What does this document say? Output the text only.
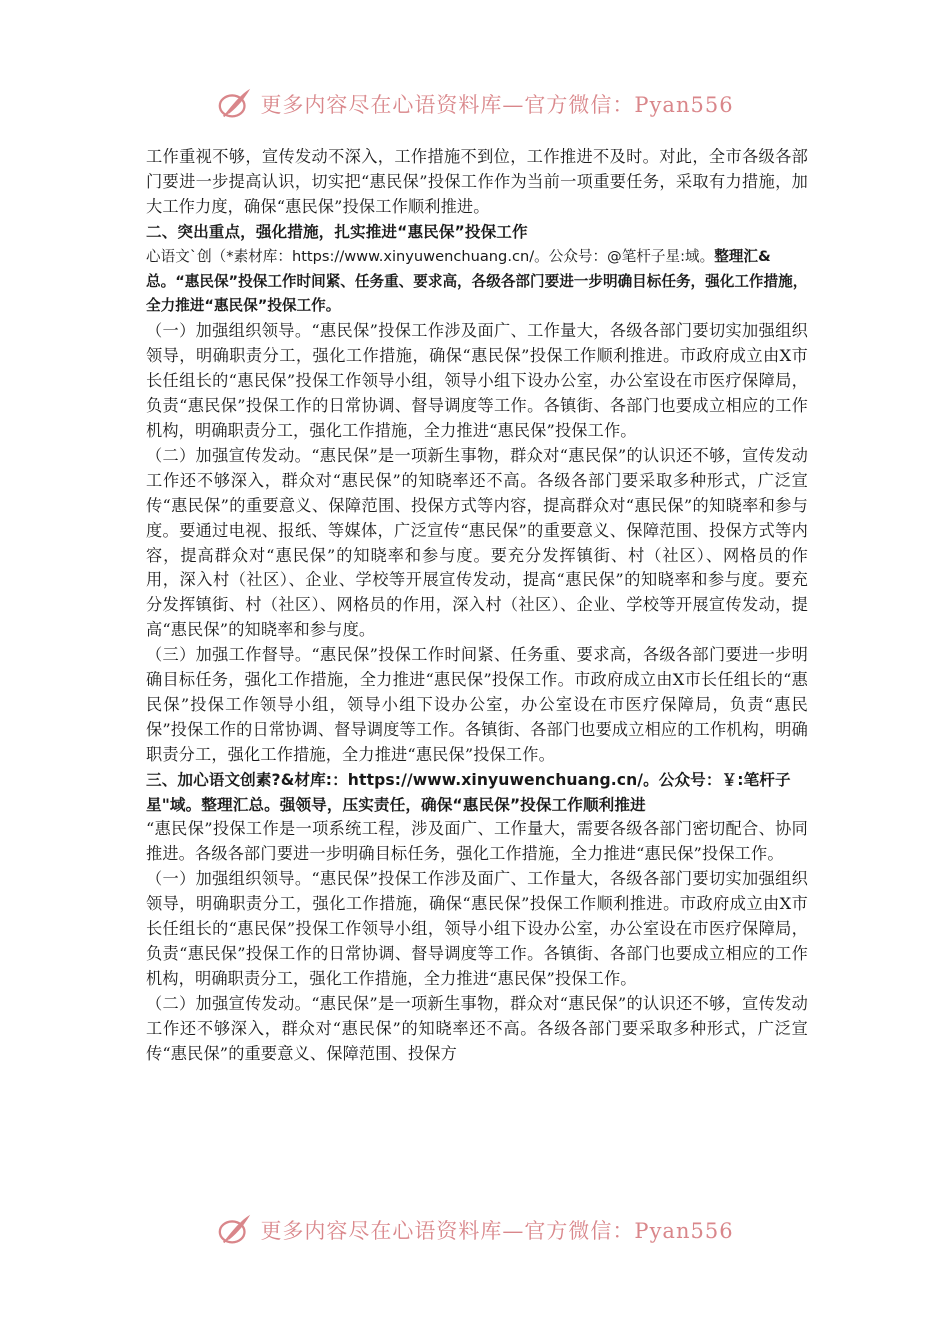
更多内容尽在心语资料库—官方微信：Pyan556

工作重视不够，宣传发动不深入，工作措施不到位，工作推进不及时。对此，全市各级各部门要进一步提高认识，切实把“惠民保”投保工作作为当前一项重要任务，采取有力措施，加大工作力度，确保“惠民保”投保工作顺利推进。

二、突出重点，强化措施，扎实推进“惠民保”投保工作

心语文`创（*素材库：https://www.xinyuwenchuang.cn/。公众号：@笔杆子星:域。整理汇&总。“惠民保”投保工作时间紧、任务重、要求高，各级各部门要进一步明确目标任务，强化工作措施，全力推进“惠民保”投保工作。

（一）加强组织领导。“惠民保”投保工作涉及面广、工作量大，各级各部门要切实加强组织领导，明确职责分工，强化工作措施，确保“惠民保”投保工作顺利推进。市政府成立由X市长任组长的“惠民保”投保工作领导小组，领导小组下设办公室，办公室设在市医疗保障局，负责“惠民保”投保工作的日常协调、督导调度等工作。各镇街、各部门也要成立相应的工作机构，明确职责分工，强化工作措施，全力推进“惠民保”投保工作。

（二）加强宣传发动。“惠民保”是一项新生事物，群众对“惠民保”的认识还不够，宣传发动工作还不够深入，群众对“惠民保”的知晓率还不高。各级各部门要采取多种形式，广泛宣传“惠民保”的重要意义、保障范围、投保方式等内容，提高群众对“惠民保”的知晓率和参与度。要通过电视、报纸、等媒体，广泛宣传“惠民保”的重要意义、保障范围、投保方式等内容，提高群众对“惠民保”的知晓率和参与度。要充分发挥镇街、村（社区）、网格员的作用，深入村（社区）、企业、学校等开展宣传发动，提高“惠民保”的知晓率和参与度。要充分发挥镇街、村（社区）、网格员的作用，深入村（社区）、企业、学校等开展宣传发动，提高“惠民保”的知晓率和参与度。

（三）加强工作督导。“惠民保”投保工作时间紧、任务重、要求高，各级各部门要进一步明确目标任务，强化工作措施，全力推进“惠民保”投保工作。市政府成立由X市长任组长的“惠民保”投保工作领导小组，领导小组下设办公室，办公室设在市医疗保障局，负责“惠民保”投保工作的日常协调、督导调度等工作。各镇街、各部门也要成立相应的工作机构，明确职责分工，强化工作措施，全力推进“惠民保”投保工作。

三、加心语文创素?&材库:：https://www.xinyuwenchuang.cn/。公众号：￥:笔杆子星"域。整理汇总。强领导，压实责任，确保“惠民保”投保工作顺利推进

“惠民保”投保工作是一项系统工程，涉及面广、工作量大，需要各级各部门密切配合、协同推进。各级各部门要进一步明确目标任务，强化工作措施，全力推进“惠民保”投保工作。

（一）加强组织领导。“惠民保”投保工作涉及面广、工作量大，各级各部门要切实加强组织领导，明确职责分工，强化工作措施，确保“惠民保”投保工作顺利推进。市政府成立由X市长任组长的“惠民保”投保工作领导小组，领导小组下设办公室，办公室设在市医疗保障局，负责“惠民保”投保工作的日常协调、督导调度等工作。各镇街、各部门也要成立相应的工作机构，明确职责分工，强化工作措施，全力推进“惠民保”投保工作。

（二）加强宣传发动。“惠民保”是一项新生事物，群众对“惠民保”的认识还不够，宣传发动工作还不够深入，群众对“惠民保”的知晓率还不高。各级各部门要采取多种形式，广泛宣传“惠民保”的重要意义、保障范围、投保方

更多内容尽在心语资料库—官方微信：Pyan556
